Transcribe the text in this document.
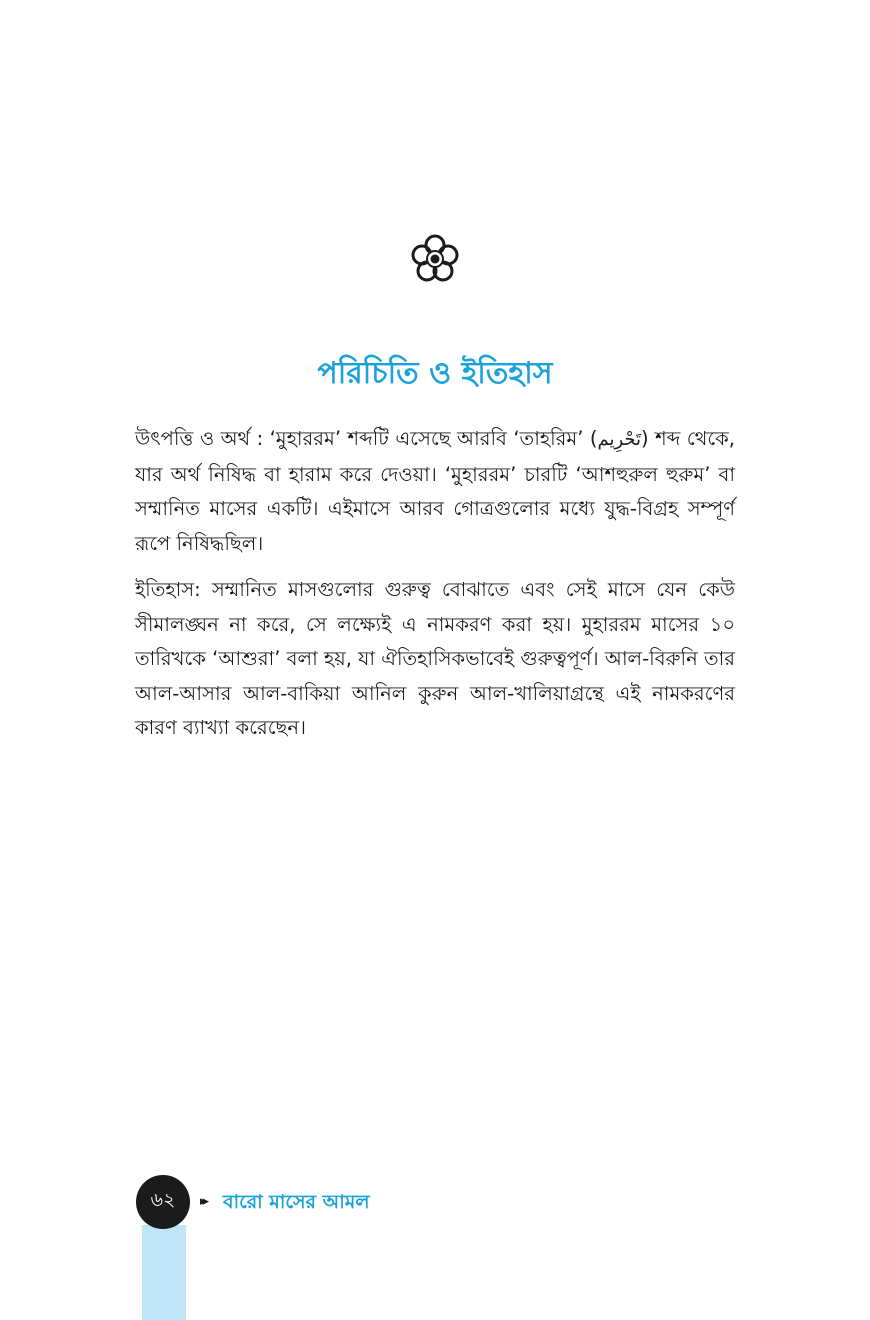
পরিচিতি ও ইতিহাস

উৎপত্তি ও অর্থ : ‘মুহাররম’ শব্দটি এসেছে আরবি ‘তাহরিম’ (تَحْرِيم) শব্দ থেকে, যার অর্থ নিষিদ্ধ বা হারাম করে দেওয়া। ‘মুহাররম’ চারটি ‘আশহুরুল হুরুম’ বা সম্মানিত মাসের একটি। এইমাসে আরব গোত্রগুলোর মধ্যে যুদ্ধ-বিগ্রহ সম্পূর্ণ রূপে নিষিদ্ধছিল।

ইতিহাস: সম্মানিত মাসগুলোর গুরুত্ব বোঝাতে এবং সেই মাসে যেন কেউ সীমালঙ্ঘন না করে, সে লক্ষ্যেই এ নামকরণ করা হয়। মুহাররম মাসের ১০ তারিখকে ‘আশুরা’ বলা হয়, যা ঐতিহাসিকভাবেই গুরুত্বপূর্ণ। আল-বিরুনি তার আল-আসার আল-বাকিয়া আনিল কুরুন আল-খালিয়াগ্রন্থে এই নামকরণের কারণ ব্যাখ্যা করেছেন।

৬২	▸▸ বারো মাসের আমল
